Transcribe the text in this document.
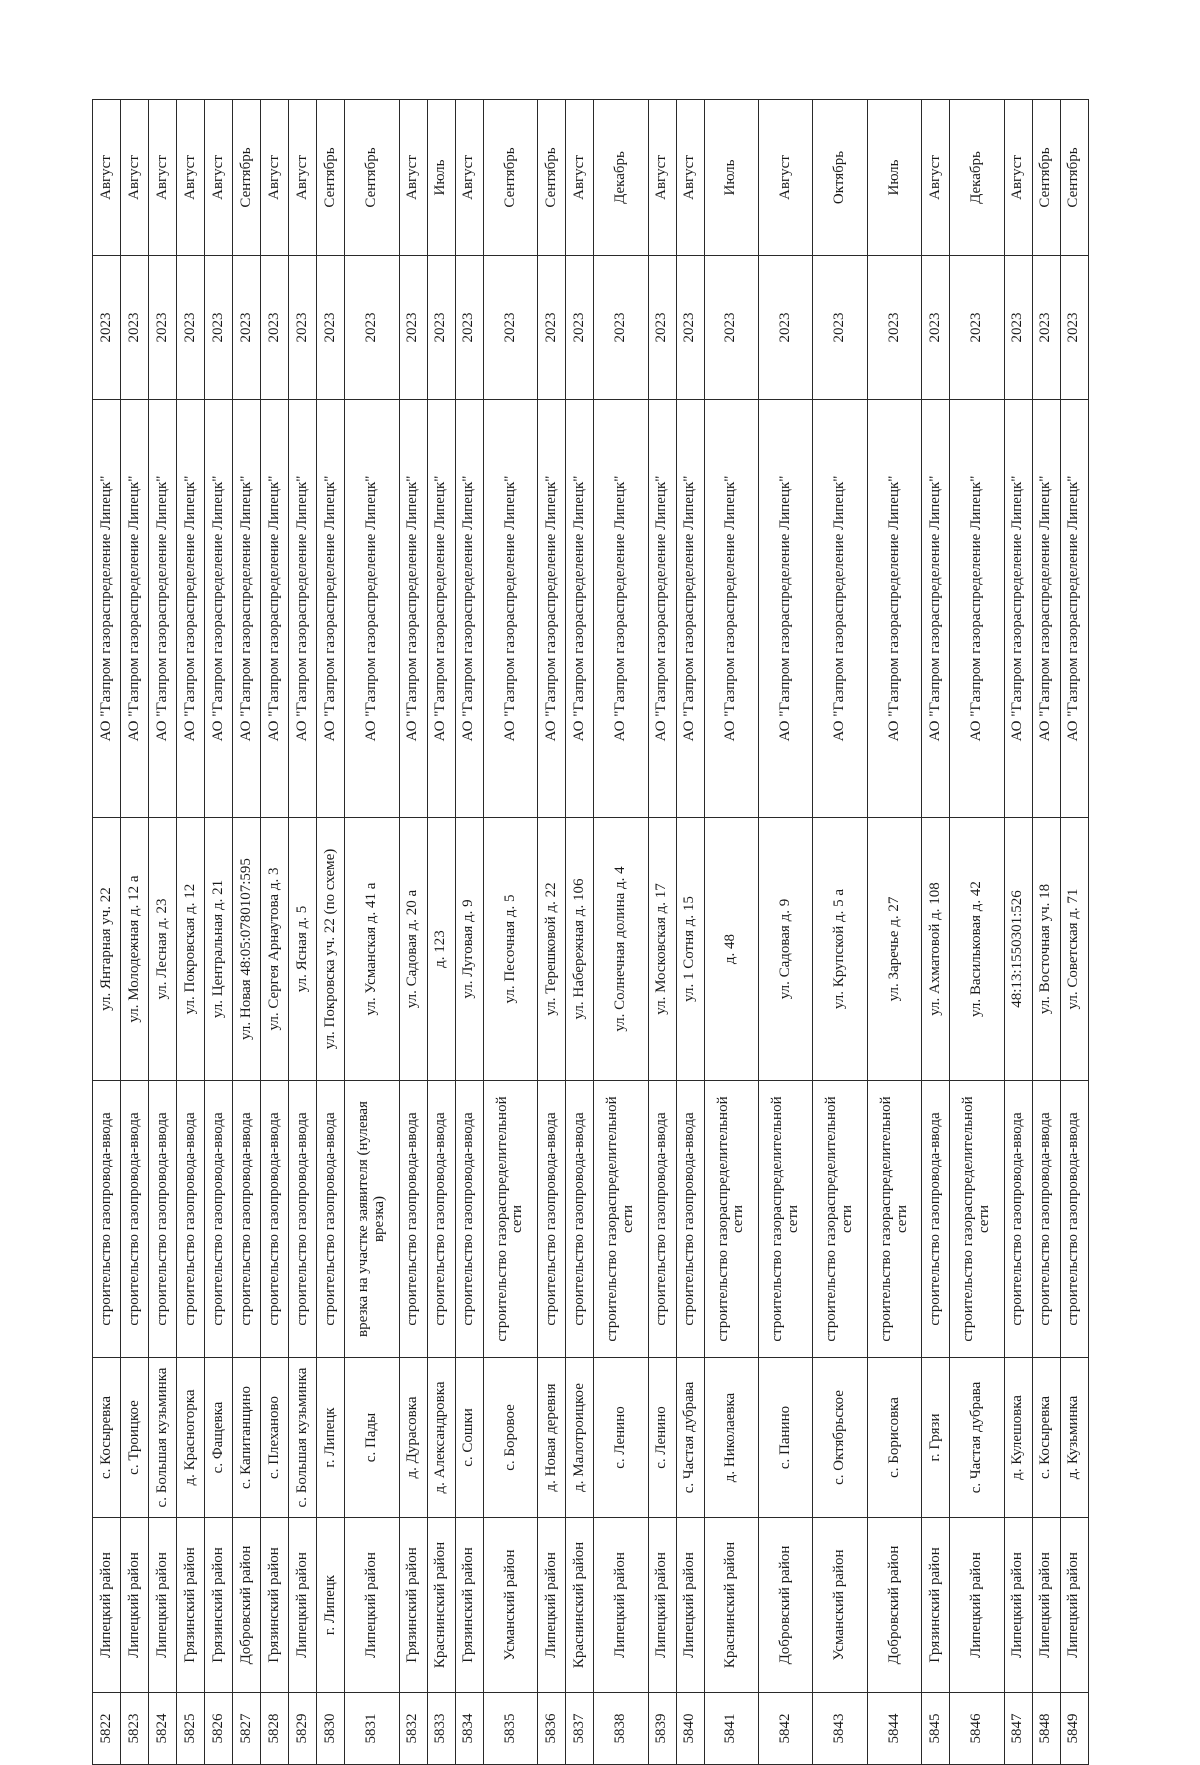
5822	Липецкий район	с. Косыревка	строительство газопровода-ввода	ул. Янтарная уч. 22	АО "Газпром газораспределение Липецк"	2023	Август
5823	Липецкий район	с. Троицкое	строительство газопровода-ввода	ул. Молодежная д. 12 а	АО "Газпром газораспределение Липецк"	2023	Август
5824	Липецкий район	с. Большая кузьминка	строительство газопровода-ввода	ул. Лесная д. 23	АО "Газпром газораспределение Липецк"	2023	Август
5825	Грязинский район	д. Красногорка	строительство газопровода-ввода	ул. Покровская д. 12	АО "Газпром газораспределение Липецк"	2023	Август
5826	Грязинский район	с. Фащевка	строительство газопровода-ввода	ул. Центральная д. 21	АО "Газпром газораспределение Липецк"	2023	Август
5827	Добровский район	с. Капитанщино	строительство газопровода-ввода	ул. Новая 48:05:0780107:595	АО "Газпром газораспределение Липецк"	2023	Сентябрь
5828	Грязинский район	с. Плеханово	строительство газопровода-ввода	ул. Сергея Арнаутова д. 3	АО "Газпром газораспределение Липецк"	2023	Август
5829	Липецкий район	с. Большая кузьминка	строительство газопровода-ввода	ул. Ясная д. 5	АО "Газпром газораспределение Липецк"	2023	Август
5830	г. Липецк	г. Липецк	строительство газопровода-ввода	ул. Покровска уч. 22 (по схеме)	АО "Газпром газораспределение Липецк"	2023	Сентябрь
5831	Липецкий район	с. Пады	врезка на участке заявителя (нулевая врезка)	ул. Усманская д. 41 а	АО "Газпром газораспределение Липецк"	2023	Сентябрь
5832	Грязинский район	д. Дурасовка	строительство газопровода-ввода	ул. Садовая д. 20 а	АО "Газпром газораспределение Липецк"	2023	Август
5833	Краснинский район	д. Александровка	строительство газопровода-ввода	д. 123	АО "Газпром газораспределение Липецк"	2023	Июль
5834	Грязинский район	с. Сошки	строительство газопровода-ввода	ул. Луговая д. 9	АО "Газпром газораспределение Липецк"	2023	Август
5835	Усманский район	с. Боровое	строительство газораспределительной сети	ул. Песочная д. 5	АО "Газпром газораспределение Липецк"	2023	Сентябрь
5836	Липецкий район	д. Новая деревня	строительство газопровода-ввода	ул. Терешковой д. 22	АО "Газпром газораспределение Липецк"	2023	Сентябрь
5837	Краснинский район	д. Малотроицкое	строительство газопровода-ввода	ул. Набережная д. 106	АО "Газпром газораспределение Липецк"	2023	Август
5838	Липецкий район	с. Ленино	строительство газораспределительной сети	ул. Солнечная долина д. 4	АО "Газпром газораспределение Липецк"	2023	Декабрь
5839	Липецкий район	с. Ленино	строительство газопровода-ввода	ул. Московская д. 17	АО "Газпром газораспределение Липецк"	2023	Август
5840	Липецкий район	с. Частая дубрава	строительство газопровода-ввода	ул. 1 Сотня д. 15	АО "Газпром газораспределение Липецк"	2023	Август
5841	Краснинский район	д. Николаевка	строительство газораспределительной сети	д. 48	АО "Газпром газораспределение Липецк"	2023	Июль
5842	Добровский район	с. Панино	строительство газораспределительной сети	ул. Садовая д. 9	АО "Газпром газораспределение Липецк"	2023	Август
5843	Усманский район	с. Октябрьское	строительство газораспределительной сети	ул. Крупской д. 5 а	АО "Газпром газораспределение Липецк"	2023	Октябрь
5844	Добровский район	с. Борисовка	строительство газораспределительной сети	ул. Заречье д. 27	АО "Газпром газораспределение Липецк"	2023	Июль
5845	Грязинский район	г. Грязи	строительство газопровода-ввода	ул. Ахматовой д. 108	АО "Газпром газораспределение Липецк"	2023	Август
5846	Липецкий район	с. Частая дубрава	строительство газораспределительной сети	ул. Васильковая д. 42	АО "Газпром газораспределение Липецк"	2023	Декабрь
5847	Липецкий район	д. Кулешовка	строительство газопровода-ввода	48:13:1550301:526	АО "Газпром газораспределение Липецк"	2023	Август
5848	Липецкий район	с. Косыревка	строительство газопровода-ввода	ул. Восточная уч. 18	АО "Газпром газораспределение Липецк"	2023	Сентябрь
5849	Липецкий район	д. Кузьминка	строительство газопровода-ввода	ул. Советская д. 71	АО "Газпром газораспределение Липецк"	2023	Сентябрь
